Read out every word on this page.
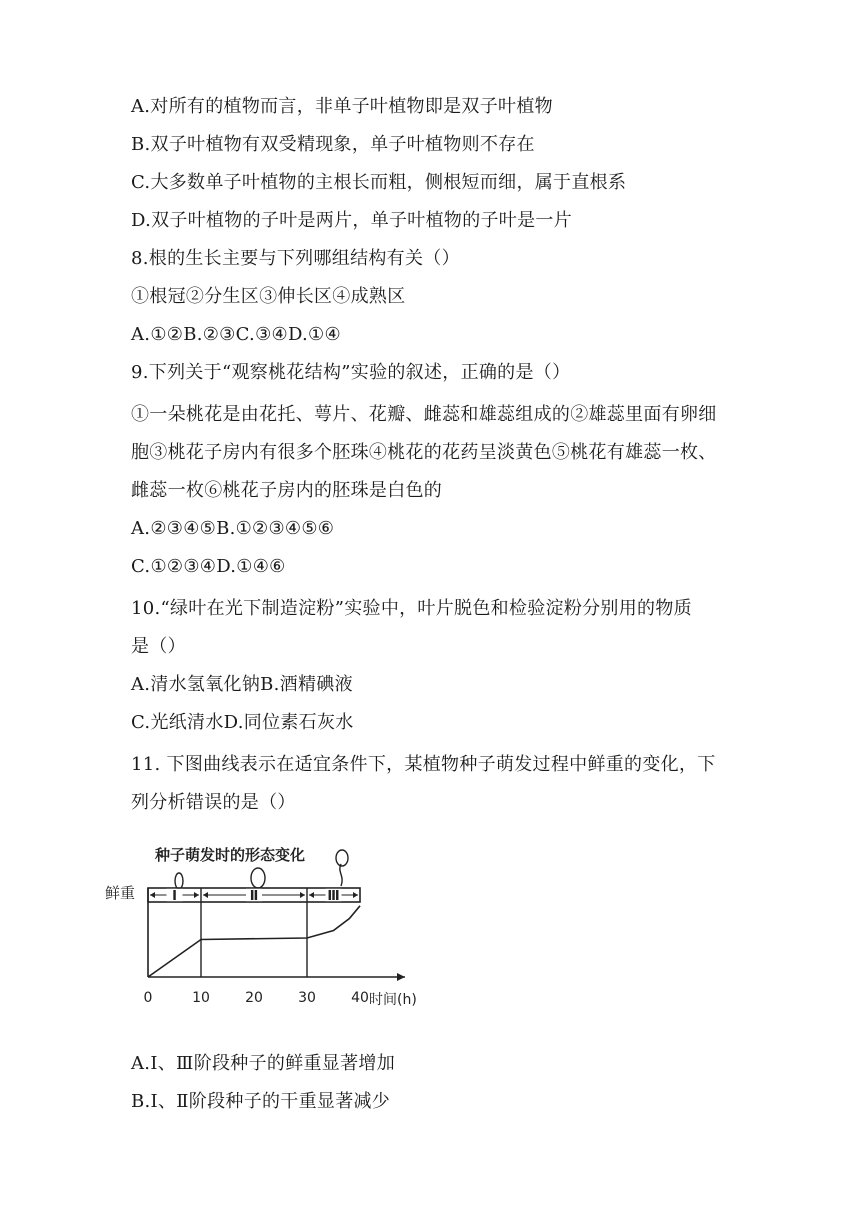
A.对所有的植物而言，非单子叶植物即是双子叶植物
B.双子叶植物有双受精现象，单子叶植物则不存在
C.大多数单子叶植物的主根长而粗，侧根短而细，属于直根系
D.双子叶植物的子叶是两片，单子叶植物的子叶是一片
8.根的生长主要与下列哪组结构有关（）
①根冠②分生区③伸长区④成熟区
A.①②B.②③C.③④D.①④
9.下列关于“观察桃花结构”实验的叙述，正确的是（）
①一朵桃花是由花托、萼片、花瓣、雌蕊和雄蕊组成的②雄蕊里面有卵细
胞③桃花子房内有很多个胚珠④桃花的花药呈淡黄色⑤桃花有雄蕊一枚、
雌蕊一枚⑥桃花子房内的胚珠是白色的
A.②③④⑤B.①②③④⑤⑥
C.①②③④D.①④⑥
10.“绿叶在光下制造淀粉”实验中，叶片脱色和检验淀粉分别用的物质
是（）
A.清水氢氧化钠B.酒精碘液
C.光纸清水D.同位素石灰水
11. 下图曲线表示在适宜条件下，某植物种子萌发过程中鲜重的变化，下
列分析错误的是（）
A.Ⅰ、Ⅲ阶段种子的鲜重显著增加
B.Ⅰ、Ⅱ阶段种子的干重显著减少
种子萌发时的形态变化
鲜重	Ⅰ	Ⅱ	Ⅲ
0	10	20	30	40 时间(h)
